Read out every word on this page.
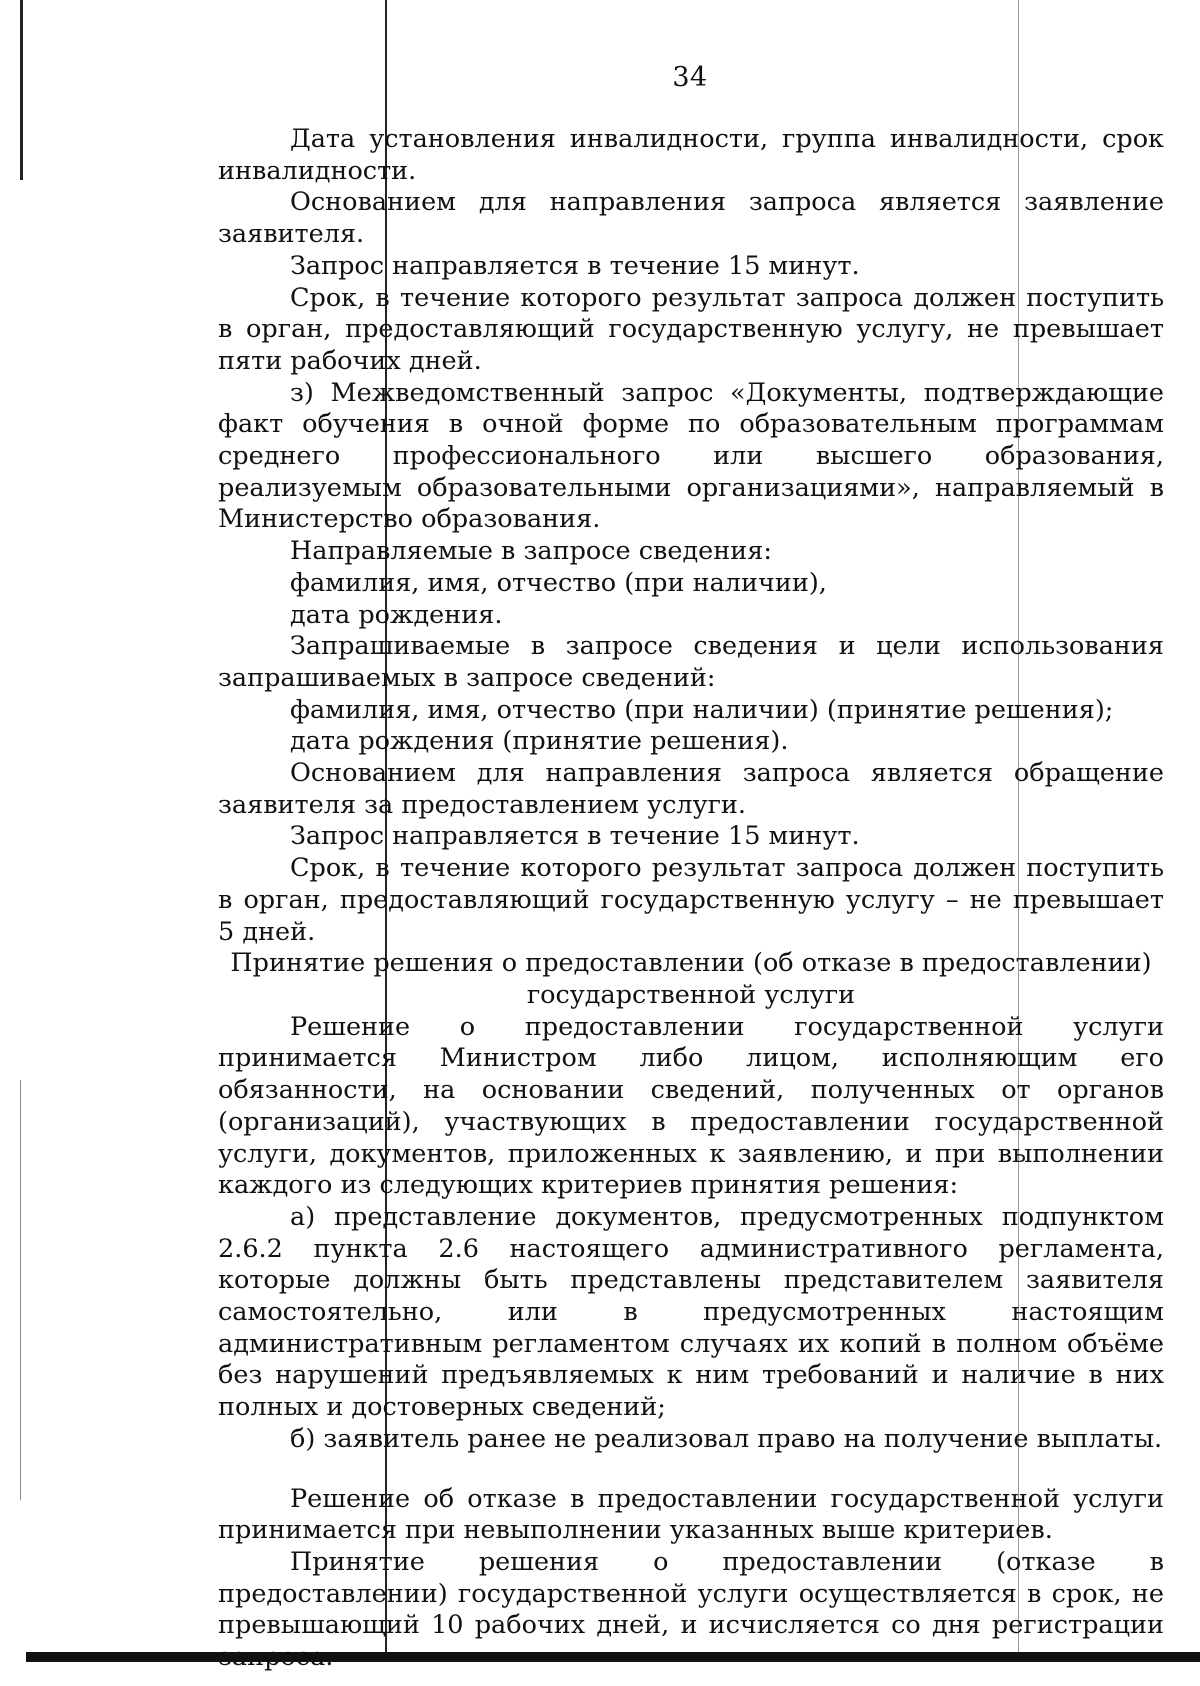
34

Дата установления инвалидности, группа инвалидности, срок инвалидности.

Основанием для направления запроса является заявление заявителя.

Запрос направляется в течение 15 минут.

Срок, в течение которого результат запроса должен поступить в орган, предоставляющий государственную услугу, не превышает пяти рабочих дней.

з) Межведомственный запрос «Документы, подтверждающие факт обучения в очной форме по образовательным программам среднего профессионального или высшего образования, реализуемым образовательными организациями», направляемый в Министерство образования.

Направляемые в запросе сведения:

фамилия, имя, отчество (при наличии),

дата рождения.

Запрашиваемые в запросе сведения и цели использования запрашиваемых в запросе сведений:

фамилия, имя, отчество (при наличии) (принятие решения);

дата рождения (принятие решения).

Основанием для направления запроса является обращение заявителя за предоставлением услуги.

Запрос направляется в течение 15 минут.

Срок, в течение которого результат запроса должен поступить в орган, предоставляющий государственную услугу – не превышает 5 дней.

Принятие решения о предоставлении (об отказе в предоставлении)

государственной услуги

Решение о предоставлении государственной услуги принимается Министром либо лицом, исполняющим его обязанности, на основании сведений, полученных от органов (организаций), участвующих в предоставлении государственной услуги, документов, приложенных к заявлению, и при выполнении каждого из следующих критериев принятия решения:

а) представление документов, предусмотренных подпунктом 2.6.2 пункта 2.6 настоящего административного регламента, которые должны быть представлены представителем заявителя самостоятельно, или в предусмотренных настоящим административным регламентом случаях их копий в полном объёме без нарушений предъявляемых к ним требований и наличие в них полных и достоверных сведений;

б) заявитель ранее не реализовал право на получение выплаты.

Решение об отказе в предоставлении государственной услуги принимается при невыполнении указанных выше критериев.

Принятие решения о предоставлении (отказе в предоставлении) государственной услуги осуществляется в срок, не превышающий 10 рабочих дней, и исчисляется со дня регистрации
